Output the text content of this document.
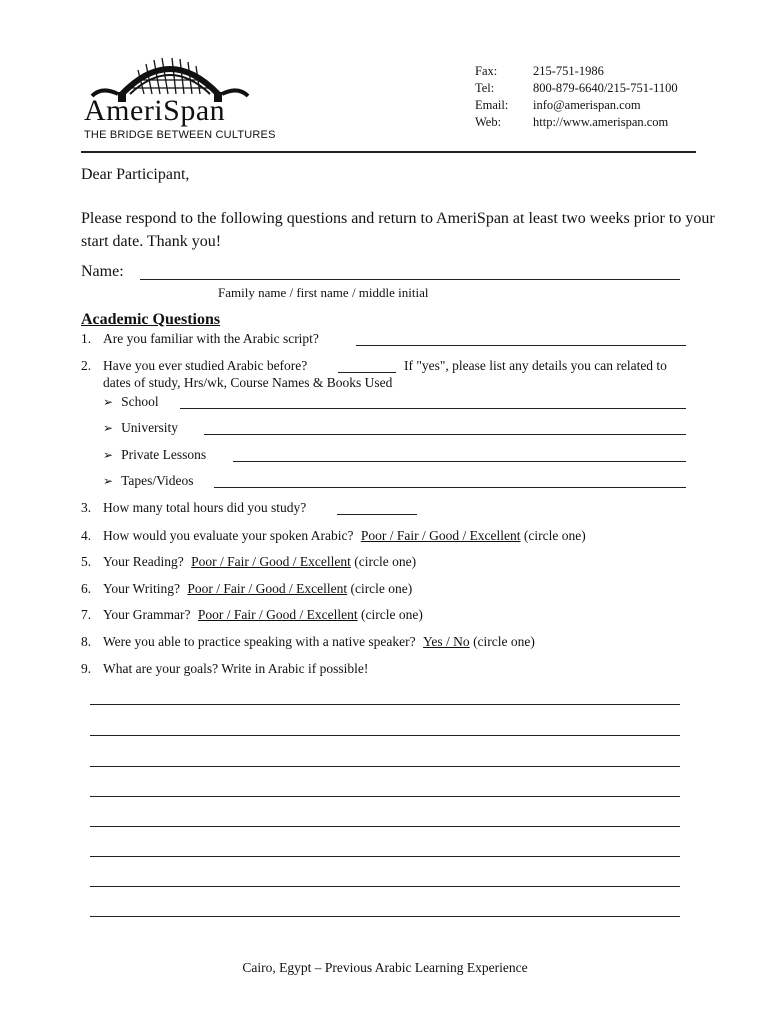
AmeriSpan
THE BRIDGE BETWEEN CULTURES
Fax:	215-751-1986
Tel:	800-879-6640/215-751-1100
Email: info@amerispan.com
Web:	http://www.amerispan.com
Dear Participant,
Please respond to the following questions and return to AmeriSpan at least two weeks prior to your start date. Thank you!
Name:
Family name / first name / middle initial
Academic Questions
1. Are you familiar with the Arabic script?
2. Have you ever studied Arabic before?	If "yes", please list any details you can related to
dates of study, Hrs/wk, Course Names & Books Used
➢ School
➢ University
➢ Private Lessons
➢ Tapes/Videos
3. How many total hours did you study?
4. How would you evaluate your spoken Arabic? Poor / Fair / Good / Excellent (circle one)
5. Your Reading? Poor / Fair / Good / Excellent (circle one)
6. Your Writing? Poor / Fair / Good / Excellent (circle one)
7. Your Grammar? Poor / Fair / Good / Excellent (circle one)
8. Were you able to practice speaking with a native speaker? Yes / No (circle one)
9. What are your goals? Write in Arabic if possible!
Cairo, Egypt – Previous Arabic Learning Experience
